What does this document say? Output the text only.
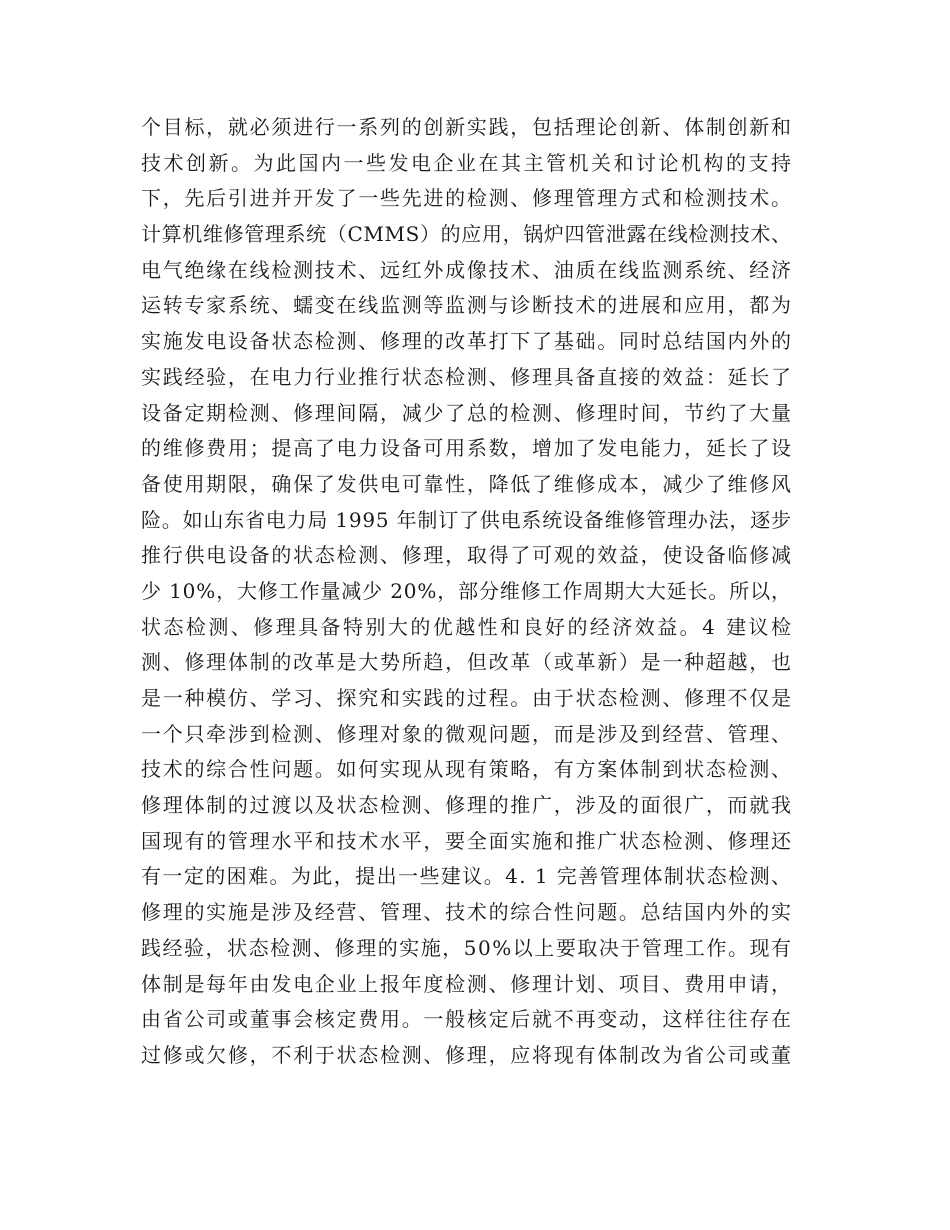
个目标，就必须进行一系列的创新实践，包括理论创新、体制创新和
技术创新。为此国内一些发电企业在其主管机关和讨论机构的支持
下，先后引进并开发了一些先进的检测、修理管理方式和检测技术。
计算机维修管理系统（CMMS）的应用，锅炉四管泄露在线检测技术、
电气绝缘在线检测技术、远红外成像技术、油质在线监测系统、经济
运转专家系统、蠕变在线监测等监测与诊断技术的进展和应用，都为
实施发电设备状态检测、修理的改革打下了基础。同时总结国内外的
实践经验，在电力行业推行状态检测、修理具备直接的效益：延长了
设备定期检测、修理间隔，减少了总的检测、修理时间，节约了大量
的维修费用；提高了电力设备可用系数，增加了发电能力，延长了设
备使用期限，确保了发供电可靠性，降低了维修成本，减少了维修风
险。如山东省电力局 1995 年制订了供电系统设备维修管理办法，逐步
推行供电设备的状态检测、修理，取得了可观的效益，使设备临修减
少 10%，大修工作量减少 20%，部分维修工作周期大大延长。所以，
状态检测、修理具备特别大的优越性和良好的经济效益。4 建议检
测、修理体制的改革是大势所趋，但改革（或革新）是一种超越，也
是一种模仿、学习、探究和实践的过程。由于状态检测、修理不仅是
一个只牵涉到检测、修理对象的微观问题，而是涉及到经营、管理、
技术的综合性问题。如何实现从现有策略，有方案体制到状态检测、
修理体制的过渡以及状态检测、修理的推广，涉及的面很广，而就我
国现有的管理水平和技术水平，要全面实施和推广状态检测、修理还
有一定的困难。为此，提出一些建议。4. 1 完善管理体制状态检测、
修理的实施是涉及经营、管理、技术的综合性问题。总结国内外的实
践经验，状态检测、修理的实施，50%以上要取决于管理工作。现有
体制是每年由发电企业上报年度检测、修理计划、项目、费用申请，
由省公司或董事会核定费用。一般核定后就不再变动，这样往往存在
过修或欠修，不利于状态检测、修理，应将现有体制改为省公司或董
